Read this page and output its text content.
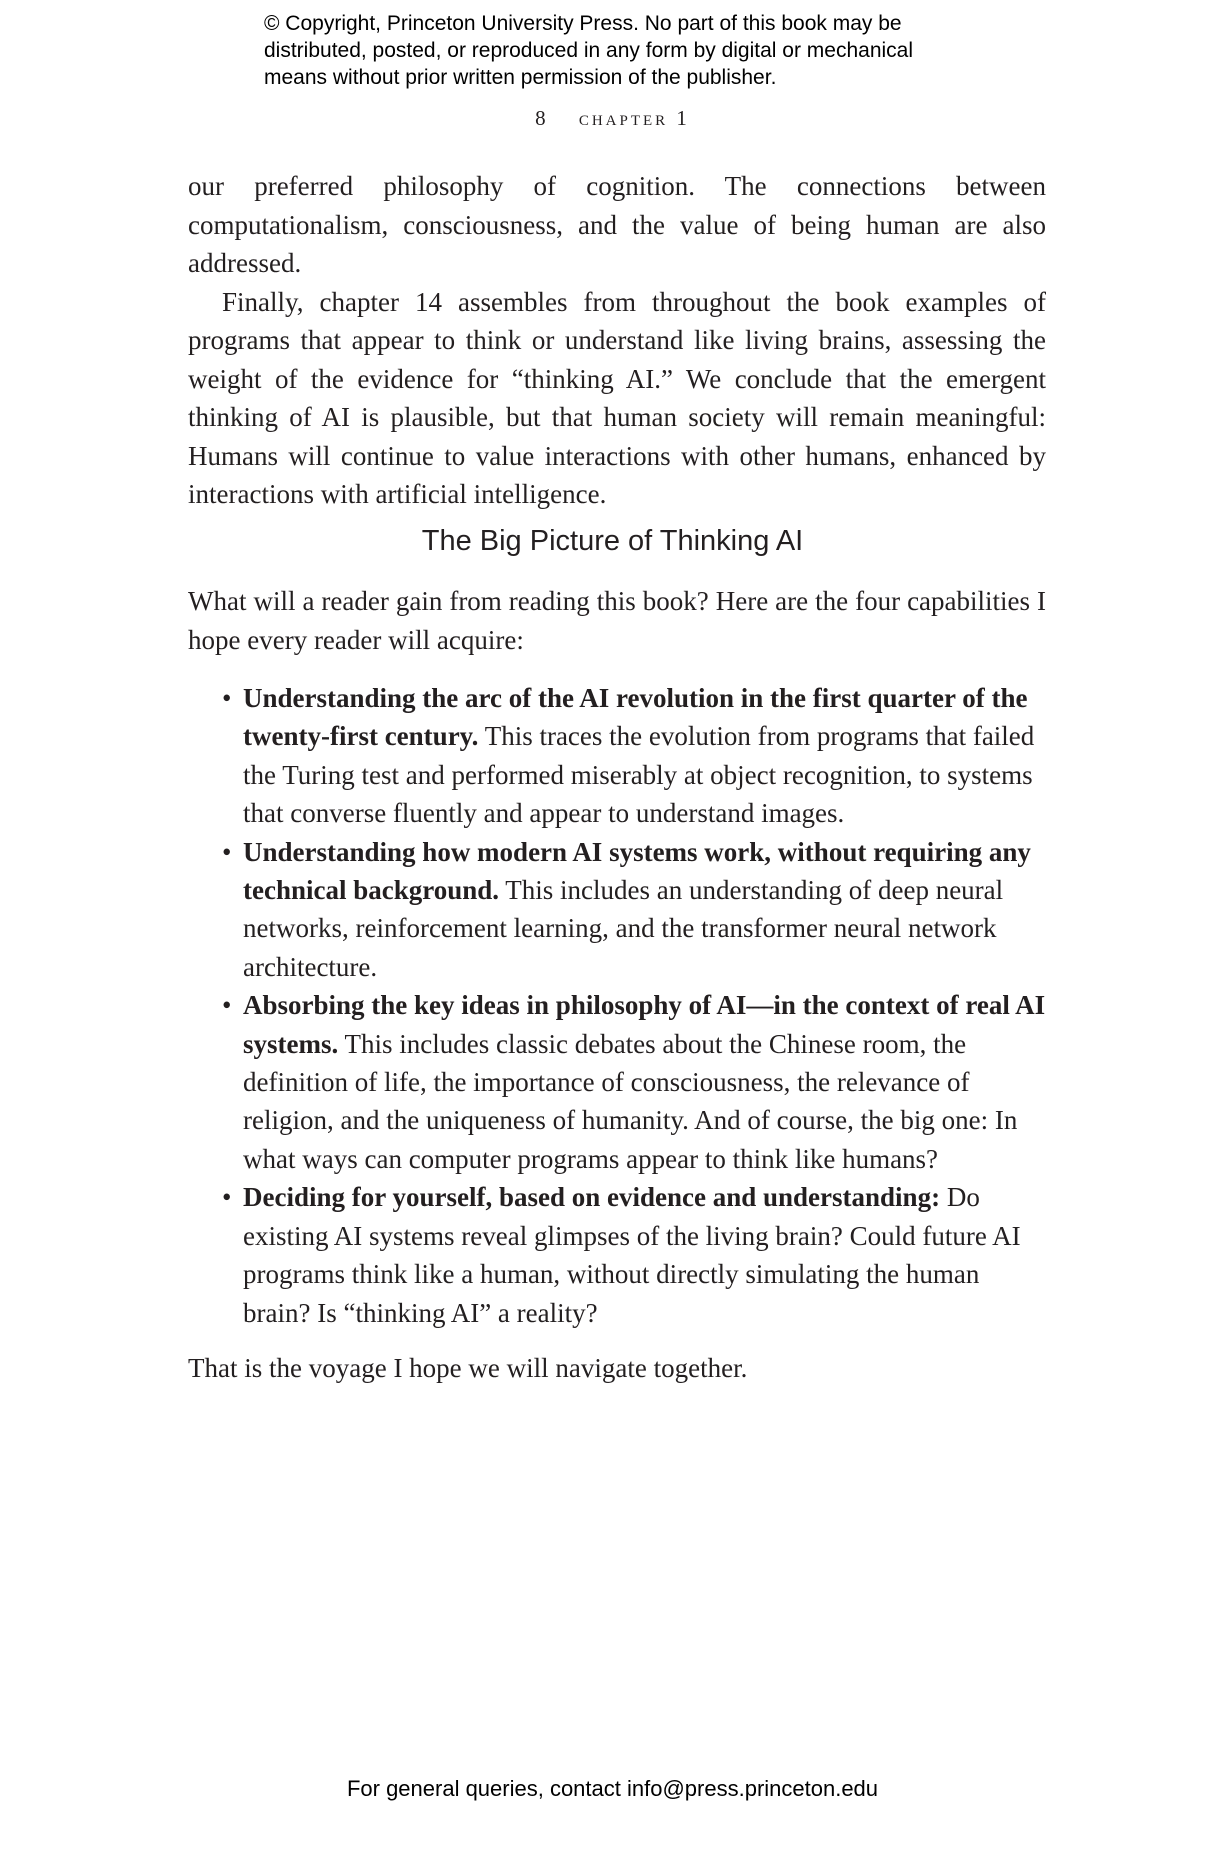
© Copyright, Princeton University Press. No part of this book may be
distributed, posted, or reproduced in any form by digital or mechanical
means without prior written permission of the publisher.
8 chapter 1

our preferred philosophy of cognition. The connections between computationalism, consciousness, and the value of being human are also addressed.

Finally, chapter 14 assembles from throughout the book examples of programs that appear to think or understand like living brains, assessing the weight of the evidence for “thinking AI.” We conclude that the emergent thinking of AI is plausible, but that human society will remain meaningful: Humans will continue to value interactions with other humans, enhanced by interactions with artificial intelligence.

The Big Picture of Thinking AI

What will a reader gain from reading this book? Here are the four capabilities I hope every reader will acquire:

• Understanding the arc of the AI revolution in the first quarter of the twenty-first century. This traces the evolution from programs that failed the Turing test and performed miserably at object recognition, to systems that converse fluently and appear to understand images.
• Understanding how modern AI systems work, without requiring any technical background. This includes an understanding of deep neural networks, reinforcement learning, and the transformer neural network architecture.
• Absorbing the key ideas in philosophy of AI—in the context of real AI systems. This includes classic debates about the Chinese room, the definition of life, the importance of consciousness, the relevance of religion, and the uniqueness of humanity. And of course, the big one: In what ways can computer programs appear to think like humans?
• Deciding for yourself, based on evidence and understanding: Do existing AI systems reveal glimpses of the living brain? Could future AI programs think like a human, without directly simulating the human brain? Is “thinking AI” a reality?

That is the voyage I hope we will navigate together.

For general queries, contact info@press.princeton.edu
